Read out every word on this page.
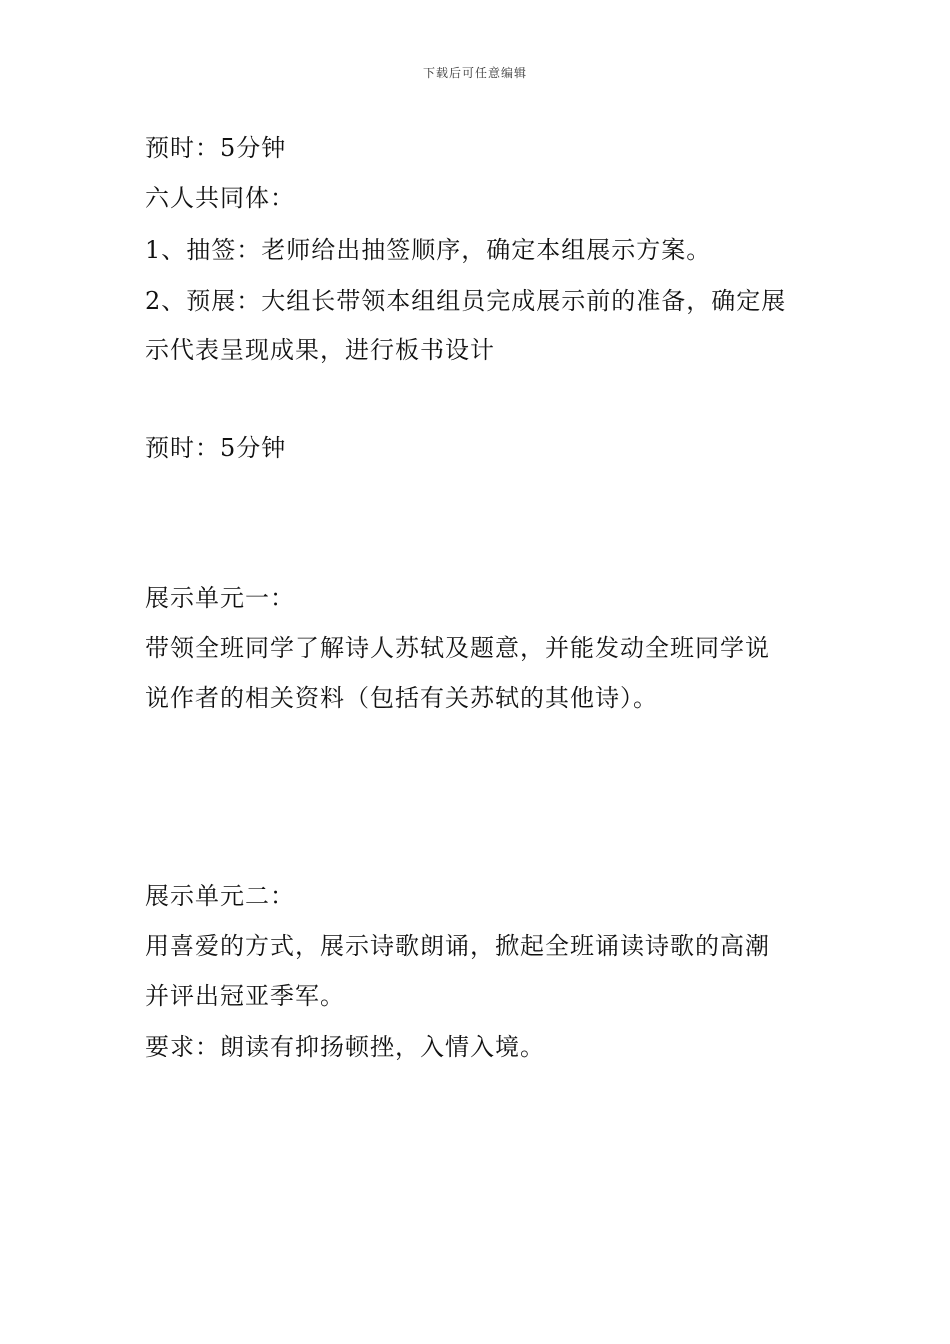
下载后可任意编辑
预时：5分钟
六人共同体：
1、抽签：老师给出抽签顺序，确定本组展示方案。
2、预展：大组长带领本组组员完成展示前的准备，确定展
示代表呈现成果，进行板书设计
预时：5分钟
展示单元一：
带领全班同学了解诗人苏轼及题意，并能发动全班同学说
说作者的相关资料（包括有关苏轼的其他诗）。
展示单元二：
用喜爱的方式，展示诗歌朗诵，掀起全班诵读诗歌的高潮
并评出冠亚季军。
要求：朗读有抑扬顿挫，入情入境。
